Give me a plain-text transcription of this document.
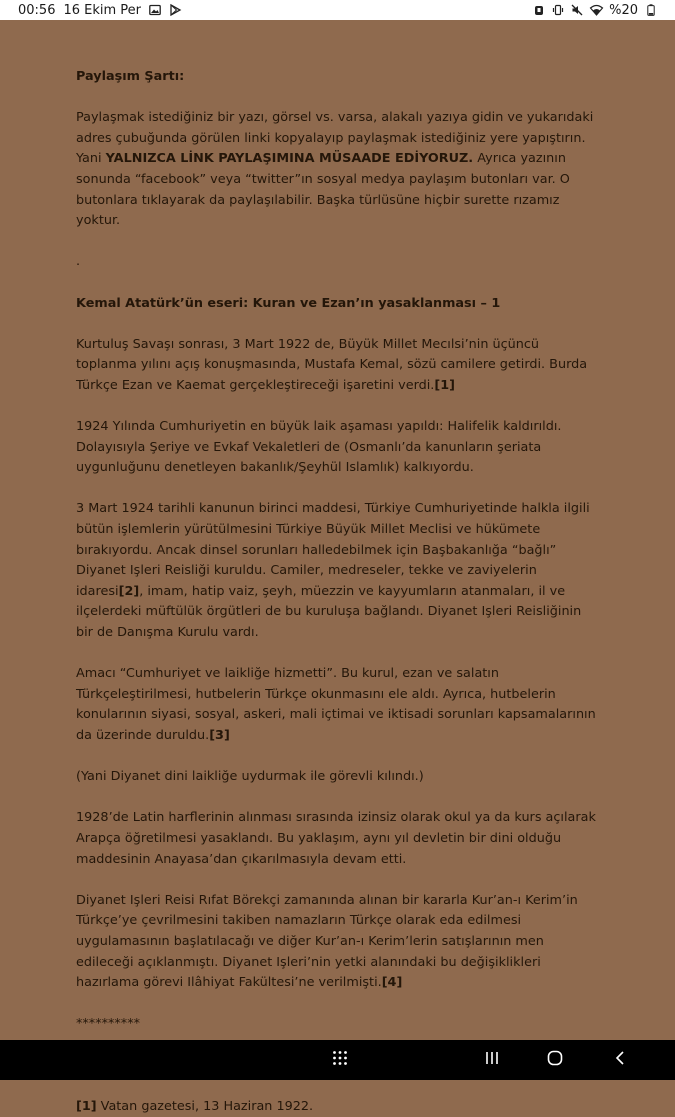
00:56 16 Ekim Per	%20

Paylaşım Şartı:

Paylaşmak istediğiniz bir yazı, görsel vs. varsa, alakalı yazıya gidin ve yukarıdaki adres çubuğunda görülen linki kopyalayıp paylaşmak istediğiniz yere yapıştırın. Yani YALNIZCA LİNK PAYLAŞIMINA MÜSAADE EDİYORUZ. Ayrıca yazının sonunda “facebook” veya “twitter”ın sosyal medya paylaşım butonları var. O butonlara tıklayarak da paylaşılabilir. Başka türlüsüne hiçbir surette rızamız yoktur.

.

Kemal Atatürk’ün eseri: Kuran ve Ezan’ın yasaklanması – 1

Kurtuluş Savaşı sonrası, 3 Mart 1922 de, Büyük Millet Mecılsi’nin üçüncü toplanma yılını açış konuşmasında, Mustafa Kemal, sözü camilere getirdi. Burda Türkçe Ezan ve Kaemat gerçekleştireceği işaretini verdi.[1]

1924 Yılında Cumhuriyetin en büyük laik aşaması yapıldı: Halifelik kaldırıldı. Dolayısıyla Şeriye ve Evkaf Vekaletleri de (Osmanlı’da kanunların şeriata uygunluğunu denetleyen bakanlık/Şeyhül Islamlık) kalkıyordu.

3 Mart 1924 tarihli kanunun birinci maddesi, Türkiye Cumhuriyetinde halkla ilgili bütün işlemlerin yürütülmesini Türkiye Büyük Millet Meclisi ve hükümete bırakıyordu. Ancak dinsel sorunları halledebilmek için Başbakanlığa “bağlı” Diyanet Işleri Reisliği kuruldu. Camiler, medreseler, tekke ve zaviyelerin idaresi[2], imam, hatip vaiz, şeyh, müezzin ve kayyumların atanmaları, il ve ilçelerdeki müftülük örgütleri de bu kuruluşa bağlandı. Diyanet Işleri Reisliğinin bir de Danışma Kurulu vardı.

Amacı “Cumhuriyet ve laikliğe hizmetti”. Bu kurul, ezan ve salatın Türkçeleştirilmesi, hutbelerin Türkçe okunmasını ele aldı. Ayrıca, hutbelerin konularının siyasi, sosyal, askeri, mali içtimai ve iktisadi sorunları kapsamalarının da üzerinde duruldu.[3]

(Yani Diyanet dini laikliğe uydurmak ile görevli kılındı.)

1928’de Latin harflerinin alınması sırasında izinsiz olarak okul ya da kurs açılarak Arapça öğretilmesi yasaklandı. Bu yaklaşım, aynı yıl devletin bir dini olduğu maddesinin Anayasa’dan çıkarılmasıyla devam etti.

Diyanet Işleri Reisi Rıfat Börekçi zamanında alınan bir kararla Kur’an-ı Kerim’in Türkçe’ye çevrilmesini takiben namazların Türkçe olarak eda edilmesi uygulamasının başlatılacağı ve diğer Kur’an-ı Kerim’lerin satışlarının men edileceği açıklanmıştı. Diyanet Işleri’nin yetki alanındaki bu değişiklikleri hazırlama görevi Ilâhiyat Fakültesi’ne verilmişti.[4]

**********

[1] Vatan gazetesi, 13 Haziran 1922.
